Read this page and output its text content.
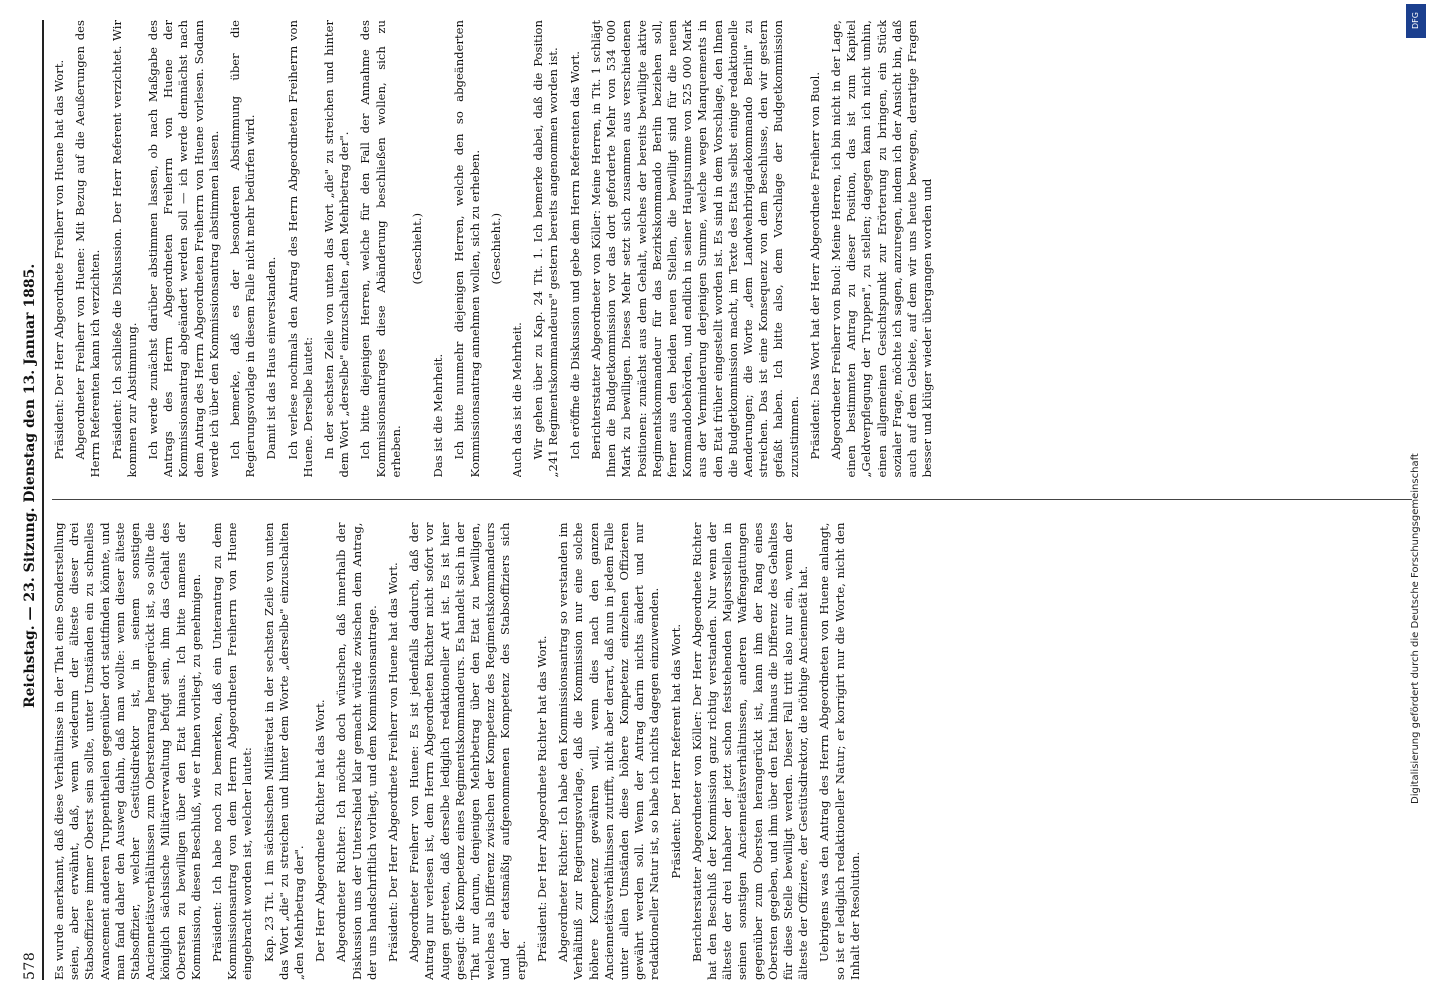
578
Reichstag. — 23. Sitzung. Dienstag den 13. Januar 1885.

Es wurde anerkannt, daß diese Verhältnisse in der That eine Sonderstellung seien, aber erwähnt, daß, wenn wiederum der älteste dieser drei Stabsoffiziere immer Oberst sein sollte, unter Umständen ein zu schnelles Avancement anderen Truppentheilen gegenüber dort stattfinden könnte, und man fand daher den Ausweg dahin, daß man wollte: wenn dieser älteste Stabsoffizier, welcher Gestütsdirektor ist, in seinem sonstigen Anciennetätsverhältnissen zum Oberstenrang herangerückt ist, so sollte die königlich sächsische Militärverwaltung befugt sein, ihm das Gehalt des Obersten zu bewilligen über den Etat hinaus. Ich bitte namens der Kommission, diesen Beschluß, wie er Ihnen vorliegt, zu genehmigen. Präsident: Ich habe noch zu bemerken, daß ein Unterantrag zu dem Kommissionsantrag von dem Herrn Abgeordneten Freiherrn von Huene eingebracht worden ist, welcher lautet: Kap. 23 Tit. 1 im sächsischen Militäretat in der sechsten Zeile von unten das Wort „die" zu streichen und hinter dem Worte „derselbe" einzuschalten „den Mehrbetrag der". Der Herr Abgeordnete Richter hat das Wort. Abgeordneter Richter: Ich möchte doch wünschen, daß innerhalb der Diskussion uns der Unterschied klar gemacht würde zwischen dem Antrag, der uns handschriftlich vorliegt, und dem Kommissionsantrage. Präsident: Der Herr Abgeordnete Freiherr von Huene hat das Wort. Abgeordneter Freiherr von Huene: Es ist jedenfalls dadurch, daß der Antrag nur verlesen ist, dem Herrn Abgeordneten Richter nicht sofort vor Augen getreten, daß derselbe lediglich redaktioneller Art ist. Es ist hier gesagt: die Kompetenz eines Regimentskommandeurs. Es handelt sich in der That nur darum, denjenigen Mehrbetrag über den Etat zu bewilligen, welches als Differenz zwischen der Kompetenz des Regimentskommandeurs und der etatsmäßig aufgenommenen Kompetenz des Stabsoffiziers sich ergibt. Präsident: Der Herr Abgeordnete Richter hat das Wort. Abgeordneter Richter: Ich habe den Kommissionsantrag so verstanden im Verhältniß zur Regierungsvorlage, daß die Kommission nur eine solche höhere Kompetenz gewähren will, wenn dies nach den ganzen Anciennetätsverhältnissen zutrifft, nicht aber derart, daß nun in jedem Falle unter allen Umständen diese höhere Kompetenz einzelnen Offizieren gewährt werden soll. Wenn der Antrag darin nichts ändert und nur redaktioneller Natur ist, so habe ich nichts dagegen einzuwenden. Präsident: Der Herr Referent hat das Wort. Berichterstatter Abgeordneter von Köller: Der Herr Abgeordnete Richter hat den Beschluß der Kommission ganz richtig verstanden. Nur wenn der älteste der drei Inhaber der jetzt schon feststehenden Majorsstellen in seinen sonstigen Anciennetätsverhältnissen, anderen Waffengattungen gegenüber zum Obersten herangerückt ist, kann ihm der Rang eines Obersten gegeben, und ihm über den Etat hinaus die Differenz des Gehaltes für diese Stelle bewilligt werden. Dieser Fall tritt also nur ein, wenn der älteste der Offiziere, der Gestütsdirektor, die nöthige Anciennetät hat. Uebrigens was den Antrag des Herrn Abgeordneten von Huene anlangt, so ist er lediglich redaktioneller Natur; er korrigirt nur die Worte, nicht den Inhalt der Resolution.

Präsident: Der Herr Abgeordnete Freiherr von Huene hat das Wort. Abgeordneter Freiherr von Huene: Mit Bezug auf die Aeußerungen des Herrn Referenten kann ich verzichten. Präsident: Ich schließe die Diskussion. Der Herr Referent verzichtet. Wir kommen zur Abstimmung. Ich werde zunächst darüber abstimmen lassen, ob nach Maßgabe des Antrags des Herrn Abgeordneten Freiherrn von Huene der Kommissionsantrag abgeändert werden soll — ich werde demnächst nach dem Antrag des Herrn Abgeordneten Freiherrn von Huene vorlesen. Sodann werde ich über den Kommissionsantrag abstimmen lassen. Ich bemerke, daß es der besonderen Abstimmung über die Regierungsvorlage in diesem Falle nicht mehr bedürfen wird. Damit ist das Haus einverstanden. Ich verlese nochmals den Antrag des Herrn Abgeordneten Freiherrn von Huene. Derselbe lautet: In der sechsten Zeile von unten das Wort „die" zu streichen und hinter dem Wort „derselbe" einzuschalten „den Mehrbetrag der". Ich bitte diejenigen Herren, welche für den Fall der Annahme des Kommissionsantrages diese Abänderung beschließen wollen, sich zu erheben.

(Geschieht.)

Das ist die Mehrheit. Ich bitte nunmehr diejenigen Herren, welche den so abgeänderten Kommissionsantrag annehmen wollen, sich zu erheben. (Geschieht.)

Auch das ist die Mehrheit. Wir gehen über zu Kap. 24 Tit. 1. Ich bemerke dabei, daß die Position „241 Regimentskommandeure" gestern bereits angenommen worden ist. Ich eröffne die Diskussion und gebe dem Herrn Referenten das Wort. Berichterstatter Abgeordneter von Köller: Meine Herren, in Tit. 1 schlägt Ihnen die Budgetkommission vor das dort geforderte Mehr von 534 000 Mark zu bewilligen. Dieses Mehr setzt sich zusammen aus verschiedenen Positionen: zunächst aus dem Gehalt, welches der bereits bewilligte aktive Regimentskommandeur für das Bezirkskommando Berlin beziehen soll, ferner aus den beiden neuen Stellen, die bewilligt sind für die neuen Kommandobehörden, und endlich in seiner Hauptsumme von 525 000 Mark aus der Verminderung derjenigen Summe, welche wegen Manquements in den Etat früher eingestellt worden ist. Es sind in dem Vorschlage, den Ihnen die Budgetkommission macht, im Texte des Etats selbst einige redaktionelle Aenderungen; die Worte „dem Landwehrbrigadekommando Berlin" zu streichen. Das ist eine Konsequenz von dem Beschlusse, den wir gestern gefaßt haben. Ich bitte also, dem Vorschlage der Budgetkommission zuzustimmen. Präsident: Das Wort hat der Herr Abgeordnete Freiherr von Buol. Abgeordneter Freiherr von Buol: Meine Herren, ich bin nicht in der Lage, einen bestimmten Antrag zu dieser Position, das ist zum Kapitel „Geldverpflegung der Truppen", zu stellen; dagegen kann ich nicht umhin, einen allgemeinen Gesichtspunkt zur Erörterung zu bringen, ein Stück sozialer Frage, möchte ich sagen, anzuregen, indem ich der Ansicht bin, daß auch auf dem Gebiete, auf dem wir uns heute bewegen, derartige Fragen besser und klüger wieder übergangen worden und

DFG
Digitalisierung gefördert durch die Deutsche Forschungsgemeinschaft
